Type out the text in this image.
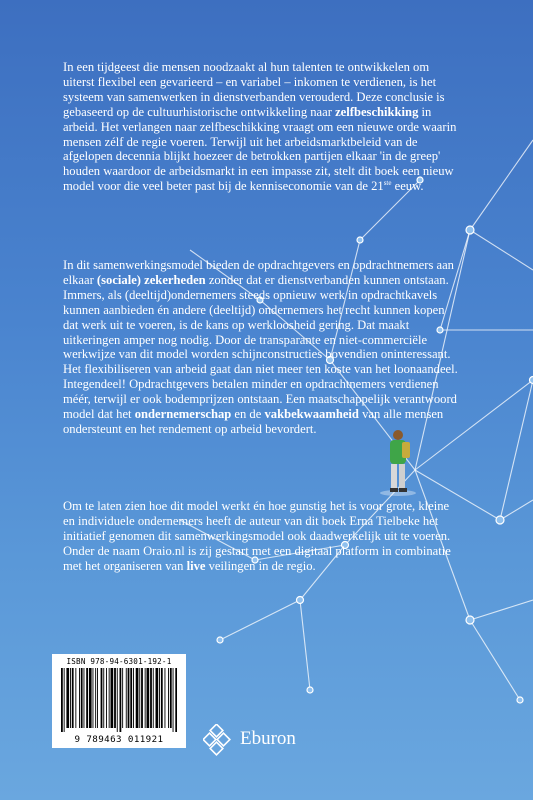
In een tijdgeest die mensen noodzaakt al hun talenten te ontwikkelen om uiterst flexibel een gevarieerd – en variabel – inkomen te verdienen, is het systeem van samenwerken in dienstverbanden verouderd. Deze conclusie is gebaseerd op de cultuurhistorische ontwikkeling naar zelfbeschikking in arbeid. Het verlangen naar zelfbeschikking vraagt om een nieuwe orde waarin mensen zélf de regie voeren. Terwijl uit het arbeidsmarktbeleid van de afgelopen decennia blijkt hoezeer de betrokken partijen elkaar 'in de greep' houden waardoor de arbeidsmarkt in een impasse zit, stelt dit boek een nieuw model voor die veel beter past bij de kenniseconomie van de 21ste eeuw.

In dit samenwerkingsmodel bieden de opdrachtgevers en opdrachtnemers aan elkaar (sociale) zekerheden zonder dat er dienstverbanden kunnen ontstaan. Immers, als (deeltijd)ondernemers steeds opnieuw werk in opdrachtkavels kunnen aanbieden én andere (deeltijd) ondernemers het recht kunnen kopen dat werk uit te voeren, is de kans op werkloosheid gering. Dat maakt uitkeringen amper nog nodig. Door de transparante en niet-commerciële werkwijze van dit model worden schijnconstructies bovendien oninteressant. Het flexibiliseren van arbeid gaat dan niet meer ten koste van het loonaandeel. Integendeel! Opdrachtgevers betalen minder en opdrachtnemers verdienen méér, terwijl er ook bodemprijzen ontstaan. Een maatschappelijk verantwoord model dat het ondernemerschap en de vakbekwaamheid van alle mensen ondersteunt en het rendement op arbeid bevordert.

Om te laten zien hoe dit model werkt én hoe gunstig het is voor grote, kleine en individuele ondernemers heeft de auteur van dit boek Erna Tielbeke het initiatief genomen dit samenwerkingsmodel ook daadwerkelijk uit te voeren. Onder de naam Oraio.nl is zij gestart met een digitaal platform in combinatie met het organiseren van live veilingen in de regio.

ISBN 978-94-6301-192-1
9 789463 011921	Eburon
